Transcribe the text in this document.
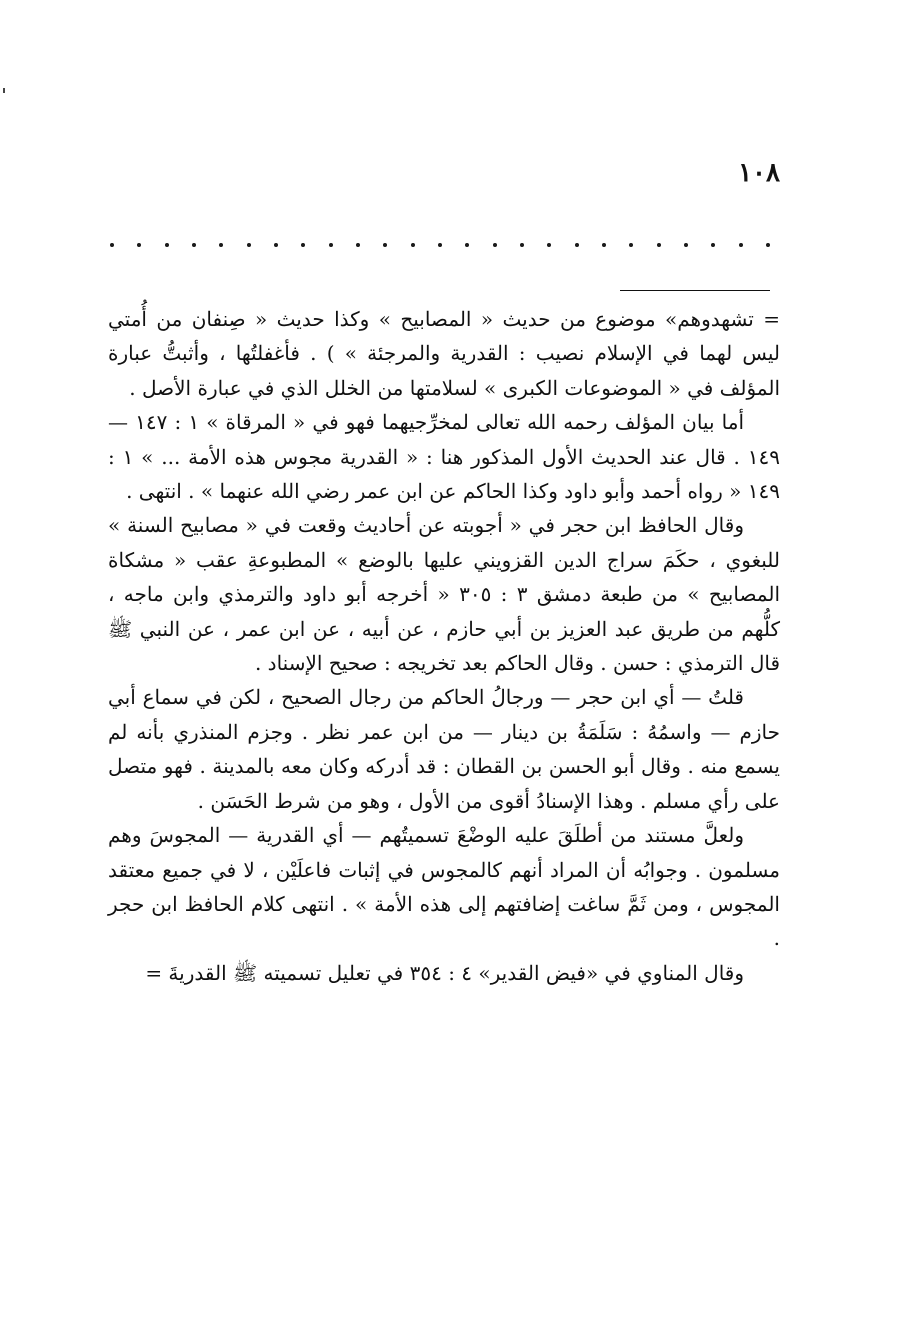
١٠٨

= تشهدوهم» موضوع من حديث « المصابيح » وكذا حديث « صِنفان من أُمتي ليس لهما في الإسلام نصيب : القدرية والمرجئة » ) . فأغفلتُها ، وأثبتُّ عبارة المؤلف في « الموضوعات الكبرى » لسلامتها من الخلل الذي في عبارة الأصل .

أما بيان المؤلف رحمه الله تعالى لمخرِّجيهما فهو في « المرقاة » ١ : ١٤٧ — ١٤٩ . قال عند الحديث الأول المذكور هنا : « القدرية مجوس هذه الأمة ... » ١ : ١٤٩ « رواه أحمد وأبو داود وكذا الحاكم عن ابن عمر رضي الله عنهما » . انتهى .

وقال الحافظ ابن حجر في « أجوبته عن أحاديث وقعت في « مصابيح السنة » للبغوي ، حكَمَ سراج الدين القزويني عليها بالوضع » المطبوعةِ عقب « مشكاة المصابيح » من طبعة دمشق ٣ : ٣٠٥ « أخرجه أبو داود والترمذي وابن ماجه ، كلُّهم من طريق عبد العزيز بن أبي حازم ، عن أبيه ، عن ابن عمر ، عن النبي ﷺ قال الترمذي : حسن . وقال الحاكم بعد تخريجه : صحيح الإسناد .

قلتُ — أي ابن حجر — ورجالُ الحاكم من رجال الصحيح ، لكن في سماع أبي حازم — واسمُهُ : سَلَمَةُ بن دينار — من ابن عمر نظر . وجزم المنذري بأنه لم يسمع منه . وقال أبو الحسن بن القطان : قد أدركه وكان معه بالمدينة . فهو متصل على رأي مسلم . وهذا الإسنادُ أقوى من الأول ، وهو من شرط الحَسَن .

ولعلَّ مستند من أطلَقَ عليه الوضْعَ تسميتُهم — أي القدرية — المجوسَ وهم مسلمون . وجوابُه أن المراد أنهم كالمجوس في إثبات فاعلَيْن ، لا في جميع معتقد المجوس ، ومن ثَمَّ ساغت إضافتهم إلى هذه الأمة » . انتهى كلام الحافظ ابن حجر .

وقال المناوي في «فيض القدير» ٤ : ٣٥٤ في تعليل تسميته ﷺ القدريةَ =
